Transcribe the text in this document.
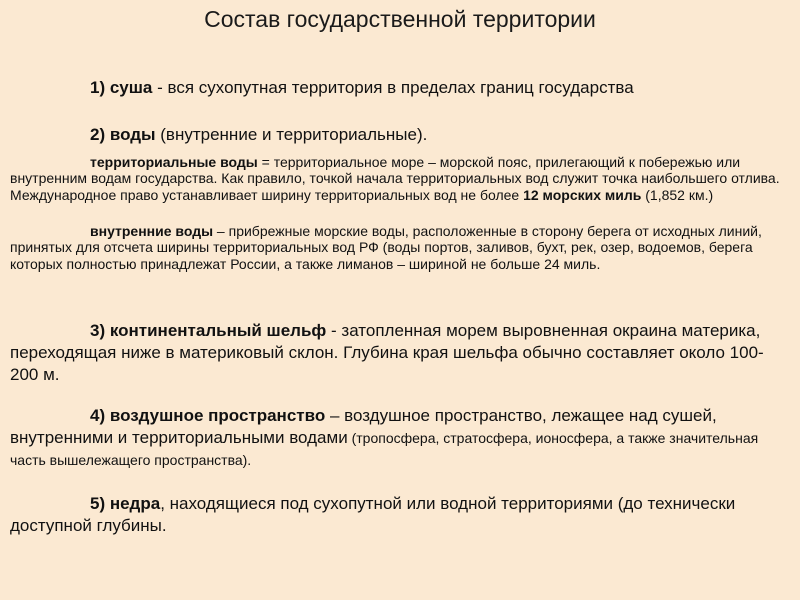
Состав государственной территории

1) суша - вся сухопутная территория в пределах границ государства

2) воды (внутренние и территориальные).

территориальные воды = территориальное море – морской пояс, прилегающий к побережью или внутренним водам государства. Как правило, точкой начала территориальных вод служит точка наибольшего отлива. Международное право устанавливает ширину территориальных вод не более 12 морских миль (1,852 км.)

внутренние воды – прибрежные морские воды, расположенные в сторону берега от исходных линий, принятых для отсчета ширины территориальных вод РФ (воды портов, заливов, бухт, рек, озер, водоемов, берега которых полностью принадлежат России, а также лиманов – шириной не больше 24 миль.

3) континентальный шельф - затопленная морем выровненная окраина материка, переходящая ниже в материковый склон. Глубина края шельфа обычно составляет около 100-200 м.

4) воздушное пространство – воздушное пространство, лежащее над сушей, внутренними и территориальными водами (тропосфера, стратосфера, ионосфера, а также значительная часть вышележащего пространства).

5) недра, находящиеся под сухопутной или водной территориями (до технически доступной глубины.
